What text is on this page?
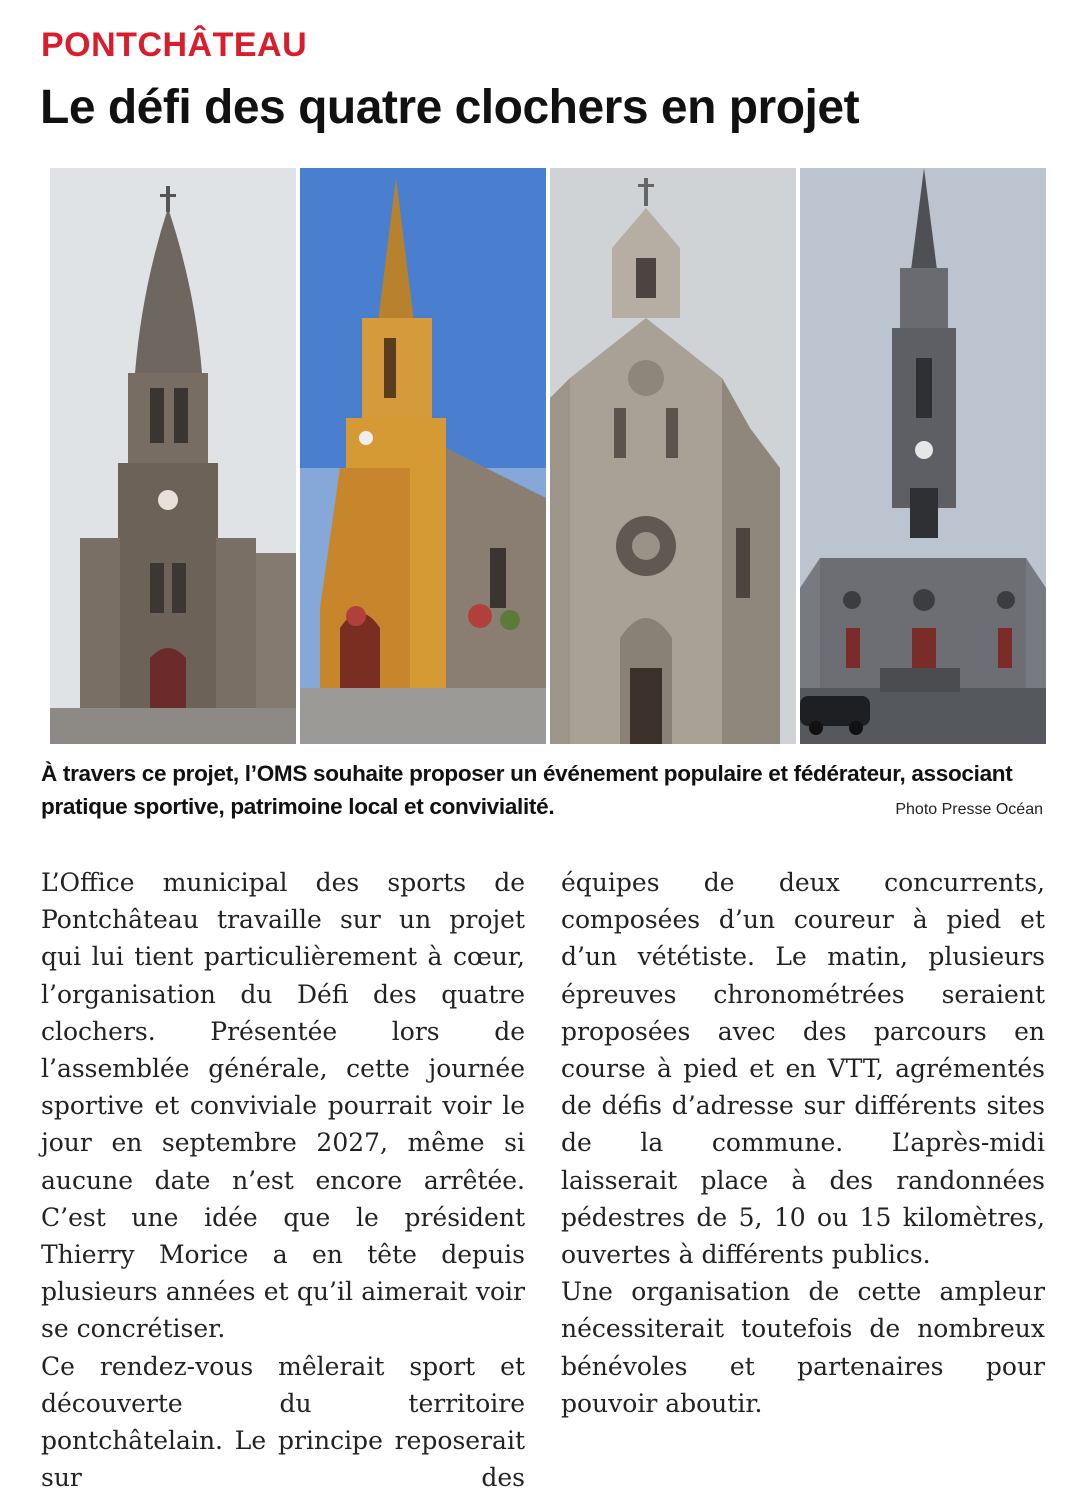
PONTCHÂTEAU
Le défi des quatre clochers en projet
À travers ce projet, l’OMS souhaite proposer un événement populaire et fédérateur, associant pratique sportive, patrimoine local et convivialité.	Photo Presse Océan

L’Office municipal des sports de Pontchâteau travaille sur un projet qui lui tient particulièrement à cœur, l’organisation du Défi des quatre clochers. Présentée lors de l’assemblée générale, cette journée sportive et conviviale pourrait voir le jour en septembre 2027, même si aucune date n’est encore arrêtée. C’est une idée que le président Thierry Morice a en tête depuis plusieurs années et qu’il aimerait voir se concrétiser.

Ce rendez-vous mêlerait sport et découverte du territoire pontchâtelain. Le principe reposerait sur des

équipes de deux concurrents, composées d’un coureur à pied et d’un vététiste. Le matin, plusieurs épreuves chronométrées seraient proposées avec des parcours en course à pied et en VTT, agrémentés de défis d’adresse sur différents sites de la commune. L’après-midi laisserait place à des randonnées pédestres de 5, 10 ou 15 kilomètres, ouvertes à différents publics.

Une organisation de cette ampleur nécessiterait toutefois de nombreux bénévoles et partenaires pour pouvoir aboutir.
